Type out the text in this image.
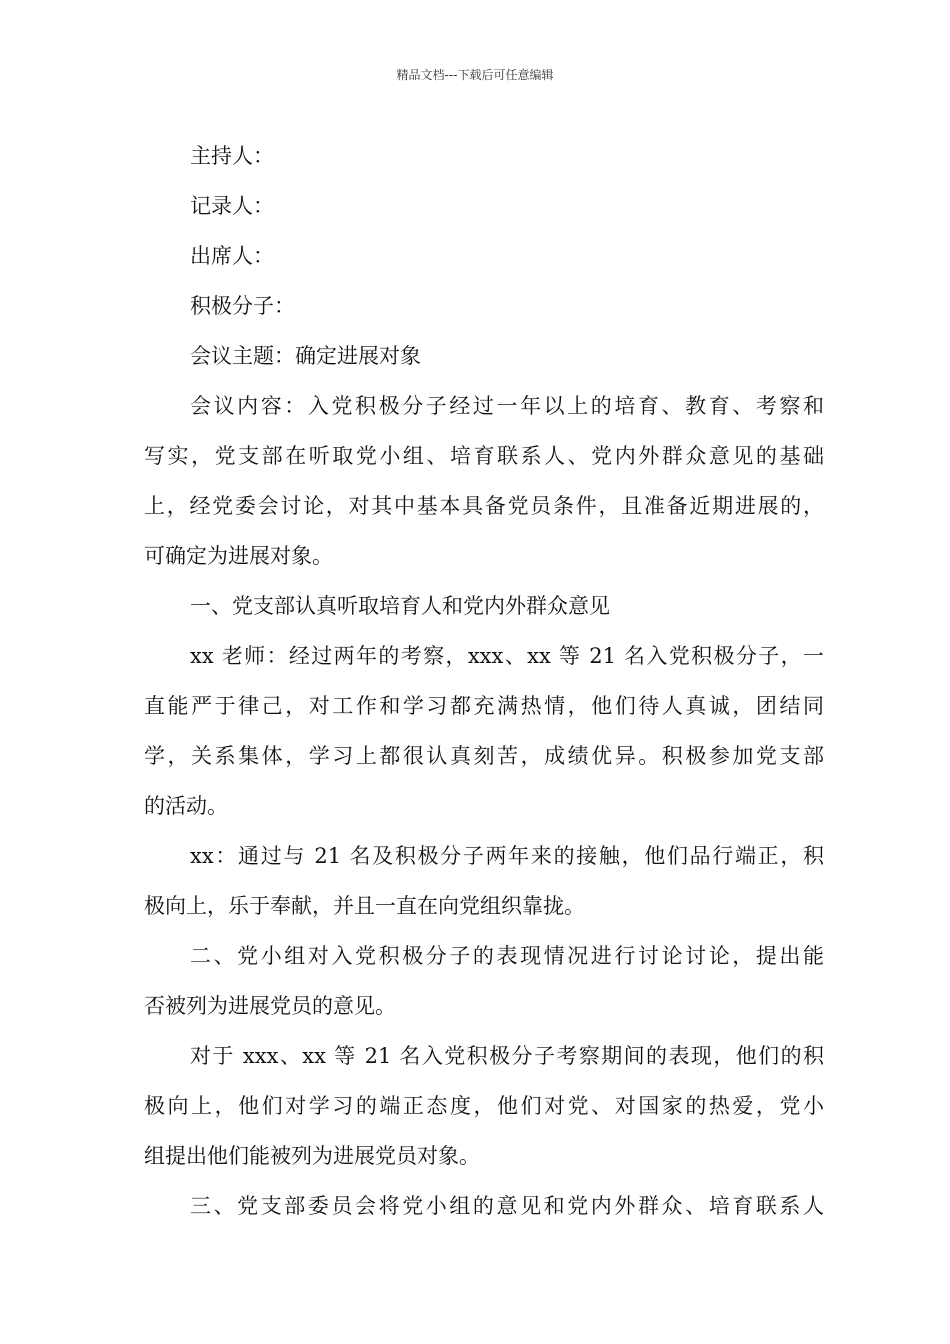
精品文档---下载后可任意编辑
主持人：
记录人：
出席人：
积极分子：
会议主题：确定进展对象
会议内容：入党积极分子经过一年以上的培育、教育、考察和
写实，党支部在听取党小组、培育联系人、党内外群众意见的基础
上，经党委会讨论，对其中基本具备党员条件，且准备近期进展的，
可确定为进展对象。
一、党支部认真听取培育人和党内外群众意见
xx 老师：经过两年的考察，xxx、xx 等 21 名入党积极分子，一
直能严于律己，对工作和学习都充满热情，他们待人真诚，团结同
学，关系集体，学习上都很认真刻苦，成绩优异。积极参加党支部
的活动。
xx：通过与 21 名及积极分子两年来的接触，他们品行端正，积
极向上，乐于奉献，并且一直在向党组织靠拢。
二、党小组对入党积极分子的表现情况进行讨论讨论，提出能
否被列为进展党员的意见。
对于 xxx、xx 等 21 名入党积极分子考察期间的表现，他们的积
极向上，他们对学习的端正态度，他们对党、对国家的热爱，党小
组提出他们能被列为进展党员对象。
三、党支部委员会将党小组的意见和党内外群众、培育联系人
